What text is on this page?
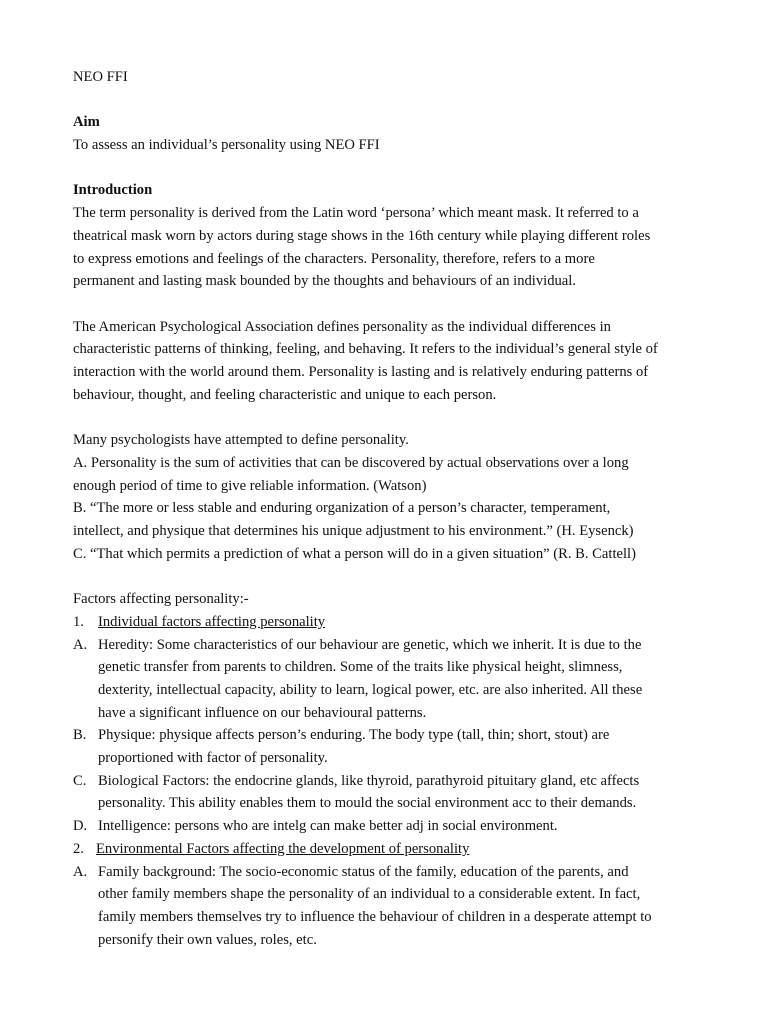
NEO FFI

Aim

To assess an individual’s personality using NEO FFI

Introduction

The term personality is derived from the Latin word ‘persona’ which meant mask. It referred to a

theatrical mask worn by actors during stage shows in the 16th century while playing different roles

to express emotions and feelings of the characters. Personality, therefore, refers to a more

permanent and lasting mask bounded by the thoughts and behaviours of an individual.

The American Psychological Association defines personality as the individual differences in

characteristic patterns of thinking, feeling, and behaving. It refers to the individual’s general style of

interaction with the world around them. Personality is lasting and is relatively enduring patterns of

behaviour, thought, and feeling characteristic and unique to each person.

Many psychologists have attempted to define personality.

A. Personality is the sum of activities that can be discovered by actual observations over a long

enough period of time to give reliable information. (Watson)

B. “The more or less stable and enduring organization of a person’s character, temperament,

intellect, and physique that determines his unique adjustment to his environment.” (H. Eysenck)

C. “That which permits a prediction of what a person will do in a given situation” (R. B. Cattell)

Factors affecting personality:-

1. Individual factors affecting personality
A. Heredity: Some characteristics of our behaviour are genetic, which we inherit. It is due to the
genetic transfer from parents to children. Some of the traits like physical height, slimness,
dexterity, intellectual capacity, ability to learn, logical power, etc. are also inherited. All these
have a significant influence on our behavioural patterns.
B. Physique: physique affects person’s enduring. The body type (tall, thin; short, stout) are
proportioned with factor of personality.
C. Biological Factors: the endocrine glands, like thyroid, parathyroid pituitary gland, etc affects
personality. This ability enables them to mould the social environment acc to their demands.
D. Intelligence: persons who are intelg can make better adj in social environment.
2. Environmental Factors affecting the development of personality
A. Family background: The socio-economic status of the family, education of the parents, and
other family members shape the personality of an individual to a considerable extent. In fact,
family members themselves try to influence the behaviour of children in a desperate attempt to
personify their own values, roles, etc.
